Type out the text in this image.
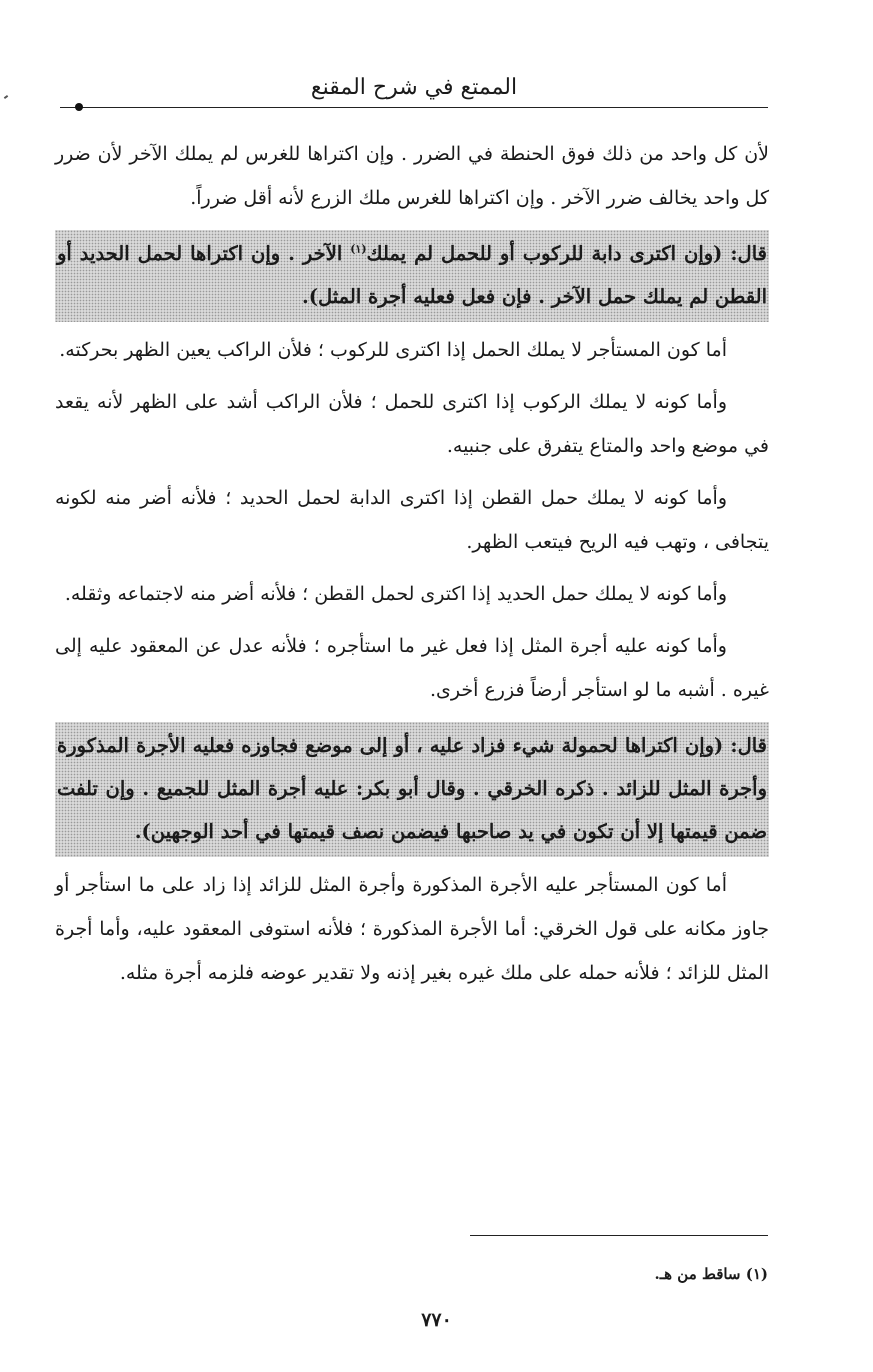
الممتع في شرح المقنع

لأن كل واحد من ذلك فوق الحنطة في الضرر . وإن اكتراها للغرس لم يملك الآخر لأن ضرر كل واحد يخالف ضرر الآخر . وإن اكتراها للغرس ملك الزرع لأنه أقل ضرراً.

قال: (وإن اكترى دابة للركوب أو للحمل لم يملك$^{(١)}$ الآخر . وإن اكتراها لحمل الحديد أو القطن لم يملك حمل الآخر . فإن فعل فعليه أجرة المثل).

أما كون المستأجر لا يملك الحمل إذا اكترى للركوب ؛ فلأن الراكب يعين الظهر بحركته.

وأما كونه لا يملك الركوب إذا اكترى للحمل ؛ فلأن الراكب أشد على الظهر لأنه يقعد في موضع واحد والمتاع يتفرق على جنبيه.

وأما كونه لا يملك حمل القطن إذا اكترى الدابة لحمل الحديد ؛ فلأنه أضر منه لكونه يتجافى ، وتهب فيه الريح فيتعب الظهر.

وأما كونه لا يملك حمل الحديد إذا اكترى لحمل القطن ؛ فلأنه أضر منه لاجتماعه وثقله.

وأما كونه عليه أجرة المثل إذا فعل غير ما استأجره ؛ فلأنه عدل عن المعقود عليه إلى غيره . أشبه ما لو استأجر أرضاً فزرع أخرى.

قال: (وإن اكتراها لحمولة شيء فزاد عليه ، أو إلى موضع فجاوزه فعليه الأجرة المذكورة وأجرة المثل للزائد . ذكره الخرقي . وقال أبو بكر: عليه أجرة المثل للجميع . وإن تلفت ضمن قيمتها إلا أن تكون في يد صاحبها فيضمن نصف قيمتها في أحد الوجهين).

أما كون المستأجر عليه الأجرة المذكورة وأجرة المثل للزائد إذا زاد على ما استأجر أو جاوز مكانه على قول الخرقي: أما الأجرة المذكورة ؛ فلأنه استوفى المعقود عليه، وأما أجرة المثل للزائد ؛ فلأنه حمله على ملك غيره بغير إذنه ولا تقدير عوضه فلزمه أجرة مثله.

(١) ساقط من هـ.
٧٧٠
